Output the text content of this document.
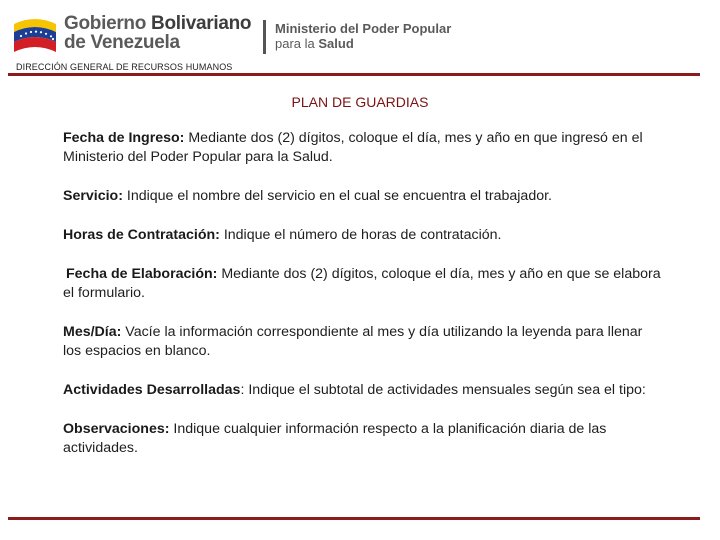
Gobierno Bolivariano
de Venezuela
Ministerio del Poder Popular
para la Salud
DIRECCIÓN GENERAL DE RECURSOS HUMANOS
PLAN DE GUARDIAS

Fecha de Ingreso: Mediante dos (2) dígitos, coloque el día, mes y año en que ingresó en el Ministerio del Poder Popular para la Salud.

Servicio: Indique el nombre del servicio en el cual se encuentra el trabajador.

Horas de Contratación: Indique el número de horas de contratación.

Fecha de Elaboración: Mediante dos (2) dígitos, coloque el día, mes y año en que se elabora el formulario.

Mes/Día: Vacíe la información correspondiente al mes y día utilizando la leyenda para llenar los espacios en blanco.

Actividades Desarrolladas: Indique el subtotal de actividades mensuales según sea el tipo:

Observaciones: Indique cualquier información respecto a la planificación diaria de las actividades.
